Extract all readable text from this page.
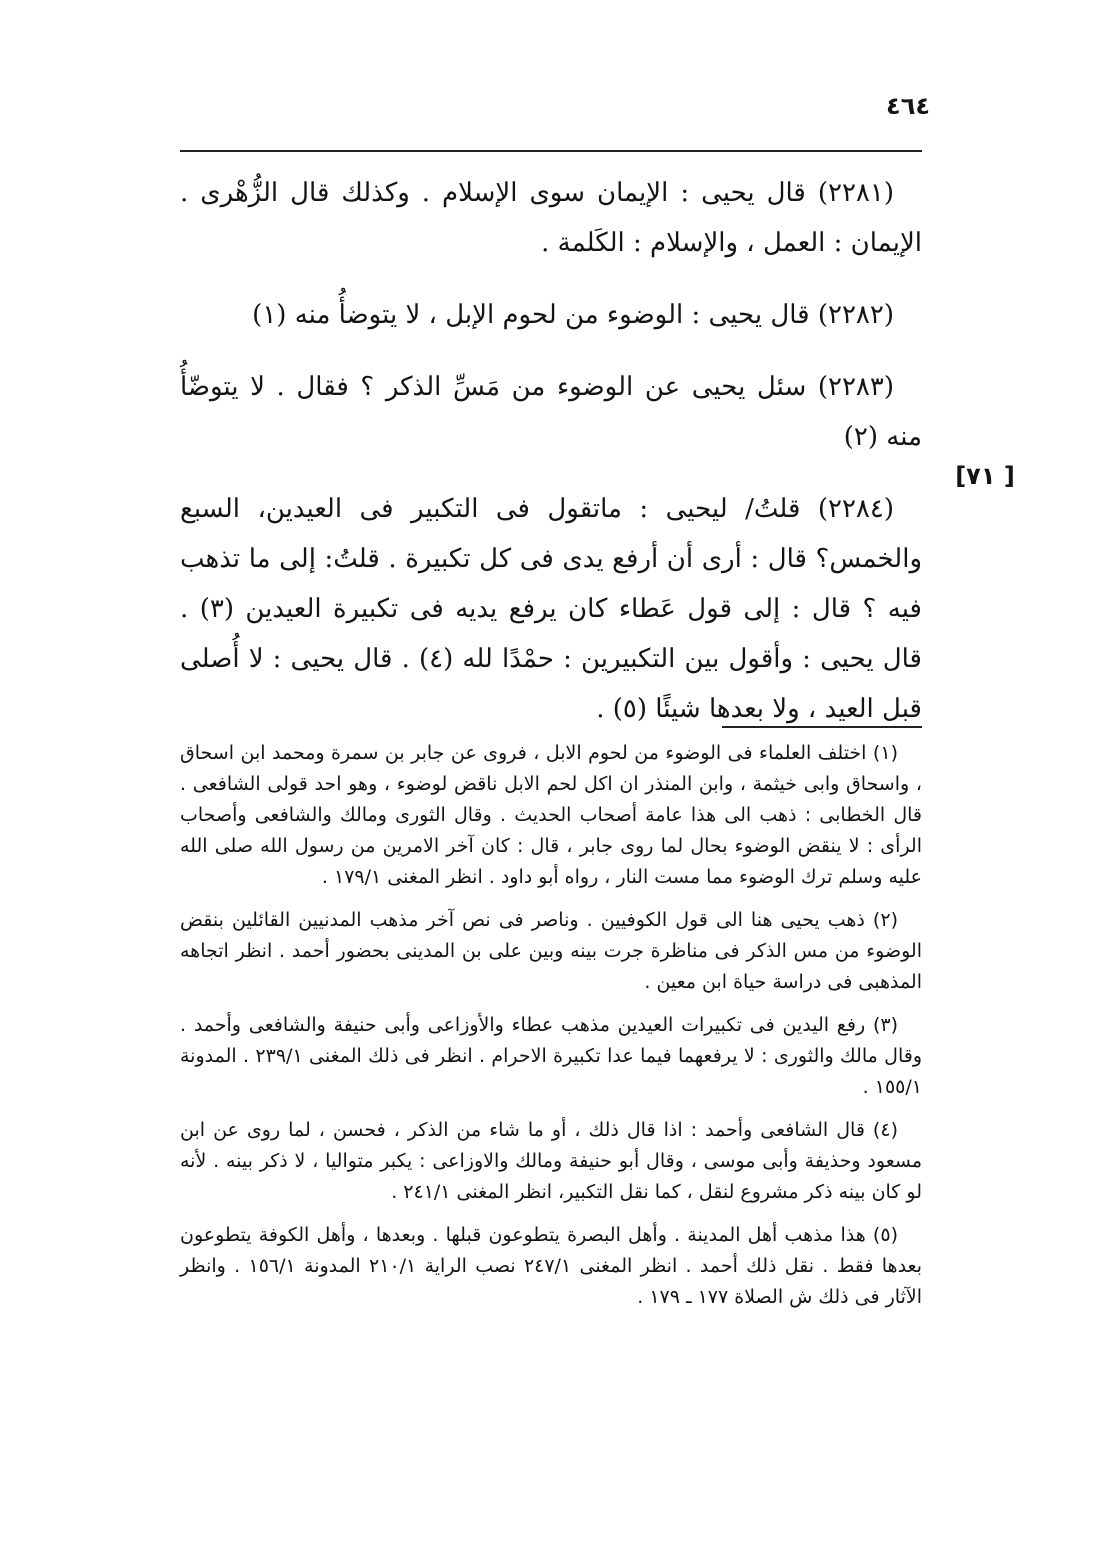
٤٦٤
[٧١ ]

(٢٢٨١) قال يحيى : الإيمان سوى الإسلام . وكذلك قال الزُّهْرى . الإيمان : العمل ، والإسلام : الكَلمة .

(٢٢٨٢) قال يحيى : الوضوء من لحوم الإبل ، لا يتوضأُ منه (١)

(٢٢٨٣) سئل يحيى عن الوضوء من مَسِّ الذكر ؟ فقال . لا يتوضّأُ منه (٢)

(٢٢٨٤) قلتُ/ ليحيى : ماتقول فى التكبير فى العيدين، السبع والخمس؟ قال : أرى أن أرفع يدى فى كل تكبيرة . قلتُ: إلى ما تذهب فيه ؟ قال : إلى قول عَطاء كان يرفع يديه فى تكبيرة العيدين (٣) . قال يحيى : وأقول بين التكبيرين : حمْدًا لله (٤) . قال يحيى : لا أُصلى قبل العيد ، ولا بعدها شيئًا (٥) .

(١) اختلف العلماء فى الوضوء من لحوم الابل ، فروى عن جابر بن سمرة ومحمد ابن اسحاق ، واسحاق وابى خيثمة ، وابن المنذر ان اكل لحم الابل ناقض لوضوء ، وهو احد قولى الشافعى . قال الخطابى : ذهب الى هذا عامة أصحاب الحديث . وقال الثورى ومالك والشافعى وأصحاب الرأى : لا ينقض الوضوء بحال لما روى جابر ، قال : كان آخر الامرين من رسول الله صلى الله عليه وسلم ترك الوضوء مما مست النار ، رواه أبو داود . انظر المغنى ١٧٩/١ .

(٢) ذهب يحيى هنا الى قول الكوفيين . وناصر فى نص آخر مذهب المدنيين القائلين بنقض الوضوء من مس الذكر فى مناظرة جرت بينه وبين على بن المدينى بحضور أحمد . انظر اتجاهه المذهبى فى دراسة حياة ابن معين .

(٣) رفع اليدين فى تكبيرات العيدين مذهب عطاء والأوزاعى وأبى حنيفة والشافعى وأحمد . وقال مالك والثورى : لا يرفعهما فيما عدا تكبيرة الاحرام . انظر فى ذلك المغنى ٢٣٩/١ . المدونة ١٥٥/١ .

(٤) قال الشافعى وأحمد : اذا قال ذلك ، أو ما شاء من الذكر ، فحسن ، لما روى عن ابن مسعود وحذيفة وأبى موسى ، وقال أبو حنيفة ومالك والاوزاعى : يكبر متواليا ، لا ذكر بينه . لأنه لو كان بينه ذكر مشروع لنقل ، كما نقل التكبير، انظر المغنى ٢٤١/١ .

(٥) هذا مذهب أهل المدينة . وأهل البصرة يتطوعون قبلها . وبعدها ، وأهل الكوفة يتطوعون بعدها فقط . نقل ذلك أحمد . انظر المغنى ٢٤٧/١ نصب الراية ٢١٠/١ المدونة ١٥٦/١ . وانظر الآثار فى ذلك ش الصلاة ١٧٧ ـ ١٧٩ .
